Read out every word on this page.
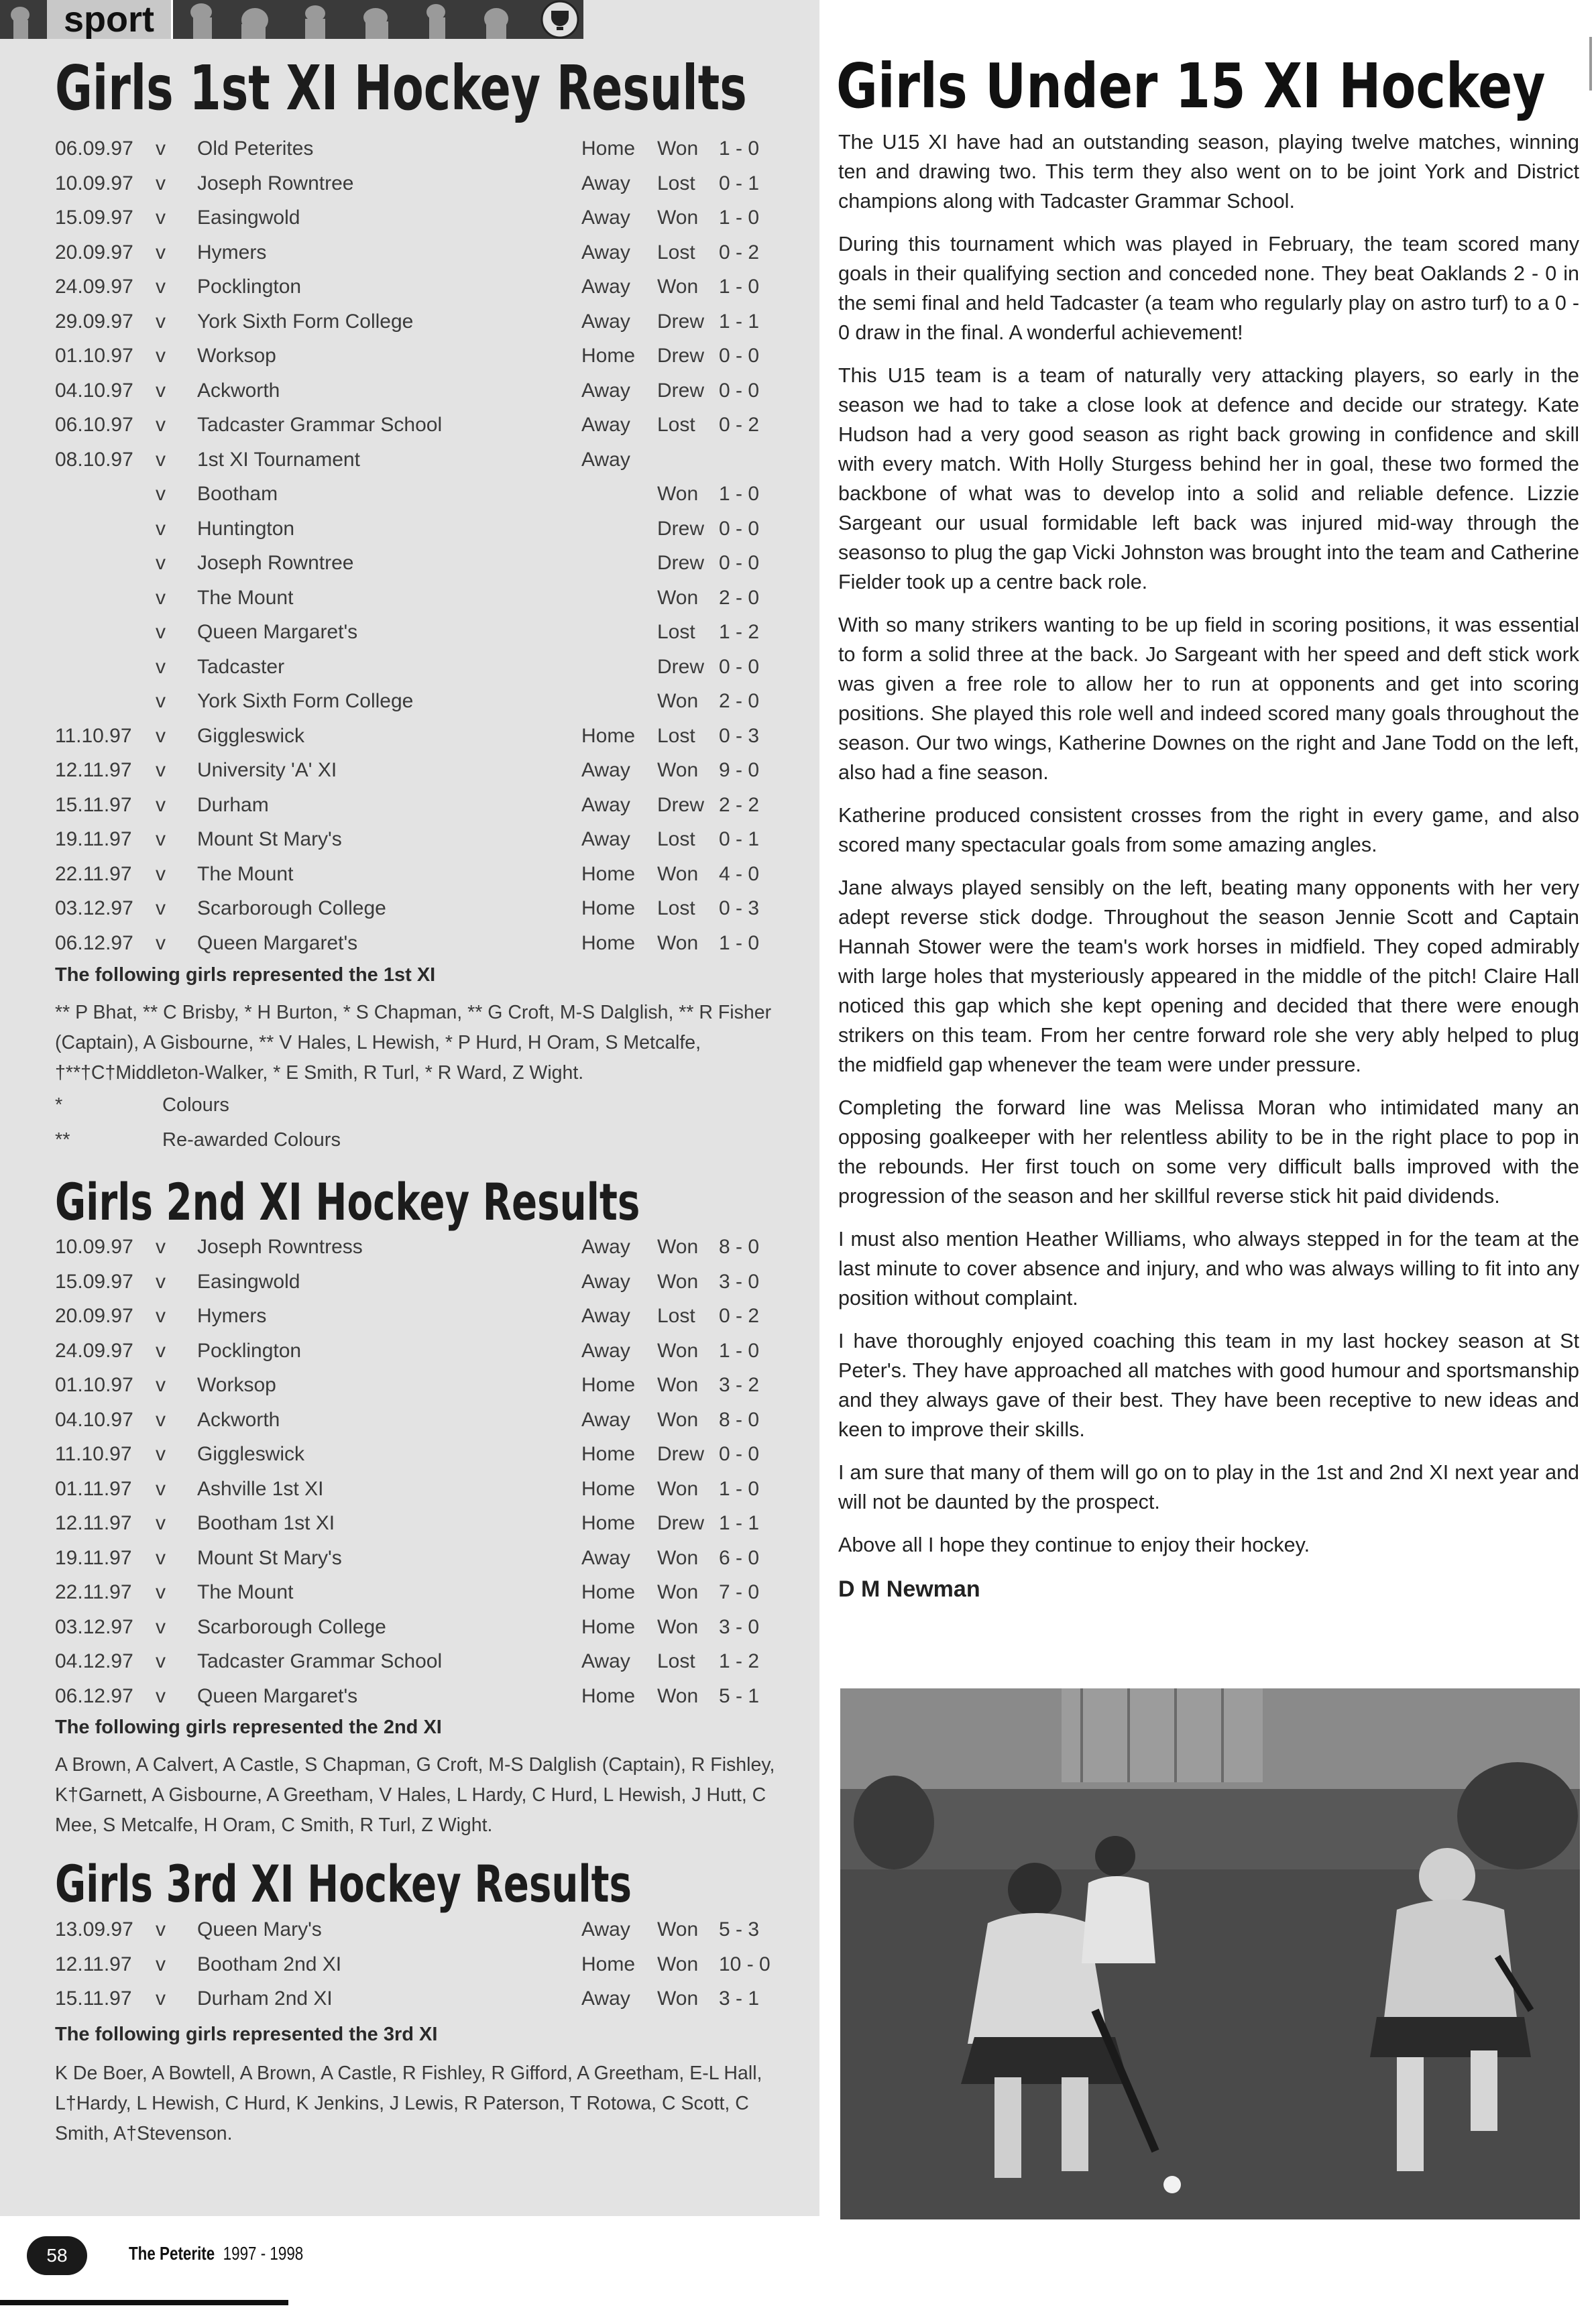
sport
Girls 1st XI Hockey Results
06.09.97 v Old Peterites	Home Won 1 - 0
10.09.97 v Joseph Rowntree	Away Lost 0 - 1
15.09.97 v Easingwold	Away Won 1 - 0
20.09.97 v Hymers	Away Lost 0 - 2
24.09.97 v Pocklington	Away Won 1 - 0
29.09.97 v York Sixth Form College	Away Drew 1 - 1
01.10.97 v Worksop	Home Drew 0 - 0
04.10.97 v Ackworth	Away Drew 0 - 0
06.10.97 v Tadcaster Grammar School	Away Lost 0 - 2
08.10.97 v 1st XI Tournament	Away
v Bootham	Won 1 - 0
v Huntington	Drew 0 - 0
v Joseph Rowntree	Drew 0 - 0
v The Mount	Won 2 - 0
v Queen Margaret's	Lost 1 - 2
v Tadcaster	Drew 0 - 0
v York Sixth Form College	Won 2 - 0
11.10.97 v Giggleswick	Home Lost 0 - 3
12.11.97 v University 'A' XI	Away Won 9 - 0
15.11.97 v Durham	Away Drew 2 - 2
19.11.97 v Mount St Mary's	Away Lost 0 - 1
22.11.97 v The Mount	Home Won 4 - 0
03.12.97 v Scarborough College	Home Lost 0 - 3
06.12.97 v Queen Margaret's	Home Won 1 - 0
The following girls represented the 1st XI
** P Bhat, ** C Brisby, * H Burton, * S Chapman, ** G Croft, M-S Dalglish, ** R Fisher (Captain), A Gisbourne, ** V Hales, L Hewish, * P Hurd, H Oram, S Metcalfe, †**†C†Middleton-Walker, * E Smith, R Turl, * R Ward, Z Wight.
*	Colours
**	Re-awarded Colours
Girls 2nd XI Hockey Results
10.09.97 v Joseph Rowntress	Away Won 8 - 0
15.09.97 v Easingwold	Away Won 3 - 0
20.09.97 v Hymers	Away Lost 0 - 2
24.09.97 v Pocklington	Away Won 1 - 0
01.10.97 v Worksop	Home Won 3 - 2
04.10.97 v Ackworth	Away Won 8 - 0
11.10.97 v Giggleswick	Home Drew 0 - 0
01.11.97 v Ashville 1st XI	Home Won 1 - 0
12.11.97 v Bootham 1st XI	Home Drew 1 - 1
19.11.97 v Mount St Mary's	Away Won 6 - 0
22.11.97 v The Mount	Home Won 7 - 0
03.12.97 v Scarborough College	Home Won 3 - 0
04.12.97 v Tadcaster Grammar School	Away Lost 1 - 2
06.12.97 v Queen Margaret's	Home Won 5 - 1
The following girls represented the 2nd XI
A Brown, A Calvert, A Castle, S Chapman, G Croft, M-S Dalglish (Captain), R Fishley, K†Garnett, A Gisbourne, A Greetham, V Hales, L Hardy, C Hurd, L Hewish, J Hutt, C Mee, S Metcalfe, H Oram, C Smith, R Turl, Z Wight.
Girls 3rd XI Hockey Results
13.09.97 v Queen Mary's	Away Won 5 - 3
12.11.97 v Bootham 2nd XI	Home Won 10 - 0
15.11.97 v Durham 2nd XI	Away Won 3 - 1
The following girls represented the 3rd XI
K De Boer, A Bowtell, A Brown, A Castle, R Fishley, R Gifford, A Greetham, E-L Hall, L†Hardy, L Hewish, C Hurd, K Jenkins, J Lewis, R Paterson, T Rotowa, C Scott, C Smith, A†Stevenson.
Girls Under 15 XI Hockey

The U15 XI have had an outstanding season, playing twelve matches, winning ten and drawing two. This term they also went on to be joint York and District champions along with Tadcaster Grammar School.

During this tournament which was played in February, the team scored many goals in their qualifying section and conceded none. They beat Oaklands 2 - 0 in the semi final and held Tadcaster (a team who regularly play on astro turf) to a 0 - 0 draw in the final. A wonderful achievement!

This U15 team is a team of naturally very attacking players, so early in the season we had to take a close look at defence and decide our strategy. Kate Hudson had a very good season as right back growing in confidence and skill with every match. With Holly Sturgess behind her in goal, these two formed the backbone of what was to develop into a solid and reliable defence. Lizzie Sargeant our usual formidable left back was injured mid-way through the seasonso to plug the gap Vicki Johnston was brought into the team and Catherine Fielder took up a centre back role.

With so many strikers wanting to be up field in scoring positions, it was essential to form a solid three at the back. Jo Sargeant with her speed and deft stick work was given a free role to allow her to run at opponents and get into scoring positions. She played this role well and indeed scored many goals throughout the season. Our two wings, Katherine Downes on the right and Jane Todd on the left, also had a fine season.

Katherine produced consistent crosses from the right in every game, and also scored many spectacular goals from some amazing angles.

Jane always played sensibly on the left, beating many opponents with her very adept reverse stick dodge. Throughout the season Jennie Scott and Captain Hannah Stower were the team's work horses in midfield. They coped admirably with large holes that mysteriously appeared in the middle of the pitch! Claire Hall noticed this gap which she kept opening and decided that there were enough strikers on this team. From her centre forward role she very ably helped to plug the midfield gap whenever the team were under pressure.

Completing the forward line was Melissa Moran who intimidated many an opposing goalkeeper with her relentless ability to be in the right place to pop in the rebounds. Her first touch on some very difficult balls improved with the progression of the season and her skillful reverse stick hit paid dividends.

I must also mention Heather Williams, who always stepped in for the team at the last minute to cover absence and injury, and who was always willing to fit into any position without complaint.

I have thoroughly enjoyed coaching this team in my last hockey season at St Peter's. They have approached all matches with good humour and sportsmanship and they always gave of their best. They have been receptive to new ideas and keen to improve their skills.

I am sure that many of them will go on to play in the 1st and 2nd XI next year and will not be daunted by the prospect.

Above all I hope they continue to enjoy their hockey.

D M Newman

58	The Peterite 1997 - 1998
